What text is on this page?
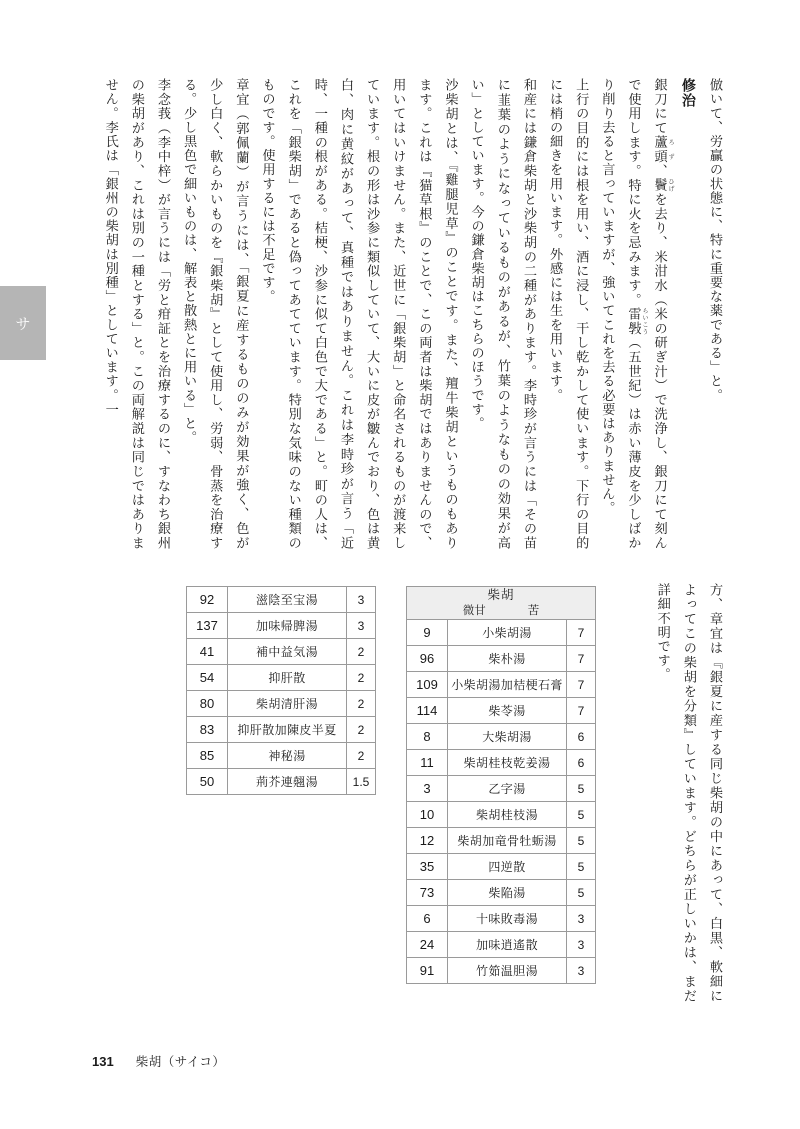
サ	倣いて、労贏の状態に、特に重要な薬である」と。

修治

銀刀にて蘆頭 ろず、鬢 ひげを去り、米泔水（米の研ぎ汁）で洗浄し、銀刀にて刻んで使用します。特に火を忌みます。雷斅 らいこう（五世紀）は赤い薄皮を少しばかり削り去ると言っていますが、強いてこれを去る必要はありません。

上行の目的には根を用い、酒に浸し、干し乾かして使います。下行の目的には梢の細きを用います。外感には生を用います。

和産には鎌倉柴胡と沙柴胡の二種があります。李時珍が言うには「その苗に韮葉のようになっているものがあるが、竹葉のようなものの効果が高い」としています。今の鎌倉柴胡はこちらのほうです。

沙柴胡とは、『雞腿児草』のことです。また、羶牛柴胡というものもあります。これは『猫草根』のことで、この両者は柴胡ではありませんので、用いてはいけません。また、近世に「銀柴胡」と命名されるものが渡来しています。根の形は沙参に類似していて、大いに皮が皺んでおり、色は黄白、肉に黄紋があって、真種ではありません。これは李時珍が言う「近時、一種の根がある。桔梗、沙参に似て白色で大である」と。町の人は、これを「銀柴胡」であると偽ってあてています。特別な気味のない種類のものです。使用するには不足です。

章宜（郭佩蘭）が言うには、「銀夏に産するもののみが効果が強く、色が少し白く、軟らかいものを『銀柴胡』として使用し、労弱、骨蒸を治療する。少し黒色で細いものは、解表と散熱とに用いる」と。

李念莪（李中梓）が言うには「労と疳証とを治療するのに、すなわち銀州の柴胡があり、これは別の一種とする」と。この両解説は同じではありません。李氏は「銀州の柴胡は別種」としています。一

方、章宜は『銀夏に産する同じ柴胡の中にあって、白黒、軟細によってこの柴胡を分類』しています。どちらが正しいかは、まだ詳細不明です。

92	滋陰至宝湯	3
137	加味帰脾湯	3
41	補中益気湯	2
54	抑肝散	2
80	柴胡清肝湯	2
83	抑肝散加陳皮半夏	2
85	神秘湯	2
50	荊芥連翹湯	1.5
柴胡
微甘 苦		

9	小柴胡湯	7
96	柴朴湯	7
109	小柴胡湯加桔梗石膏	7
114	柴苓湯	7
8	大柴胡湯	6
11	柴胡桂枝乾姜湯	6
3	乙字湯	5
10	柴胡桂枝湯	5
12	柴胡加竜骨牡蛎湯	5
35	四逆散	5
73	柴陥湯	5
6	十味敗毒湯	3
24	加味逍遙散	3
91	竹筎温胆湯	3
131 柴胡（サイコ）
